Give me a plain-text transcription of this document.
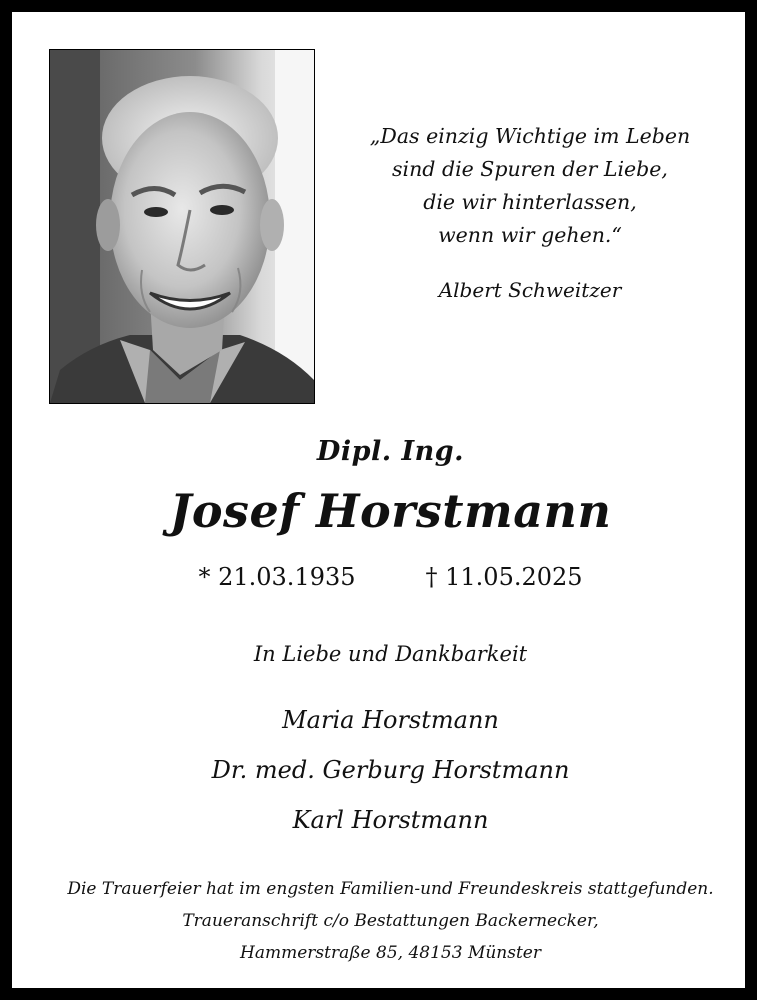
„Das einzig Wichtige im Leben
sind die Spuren der Liebe,
die wir hinterlassen,
wenn wir gehen.“
Albert Schweitzer
Dipl. Ing.
Josef Horstmann
* 21.03.1935	† 11.05.2025
In Liebe und Dankbarkeit
Maria Horstmann
Dr. med. Gerburg Horstmann
Karl Horstmann
Die Trauerfeier hat im engsten Familien-und Freundeskreis stattgefunden.
Traueranschrift c/o Bestattungen Backernecker,
Hammerstraße 85, 48153 Münster
